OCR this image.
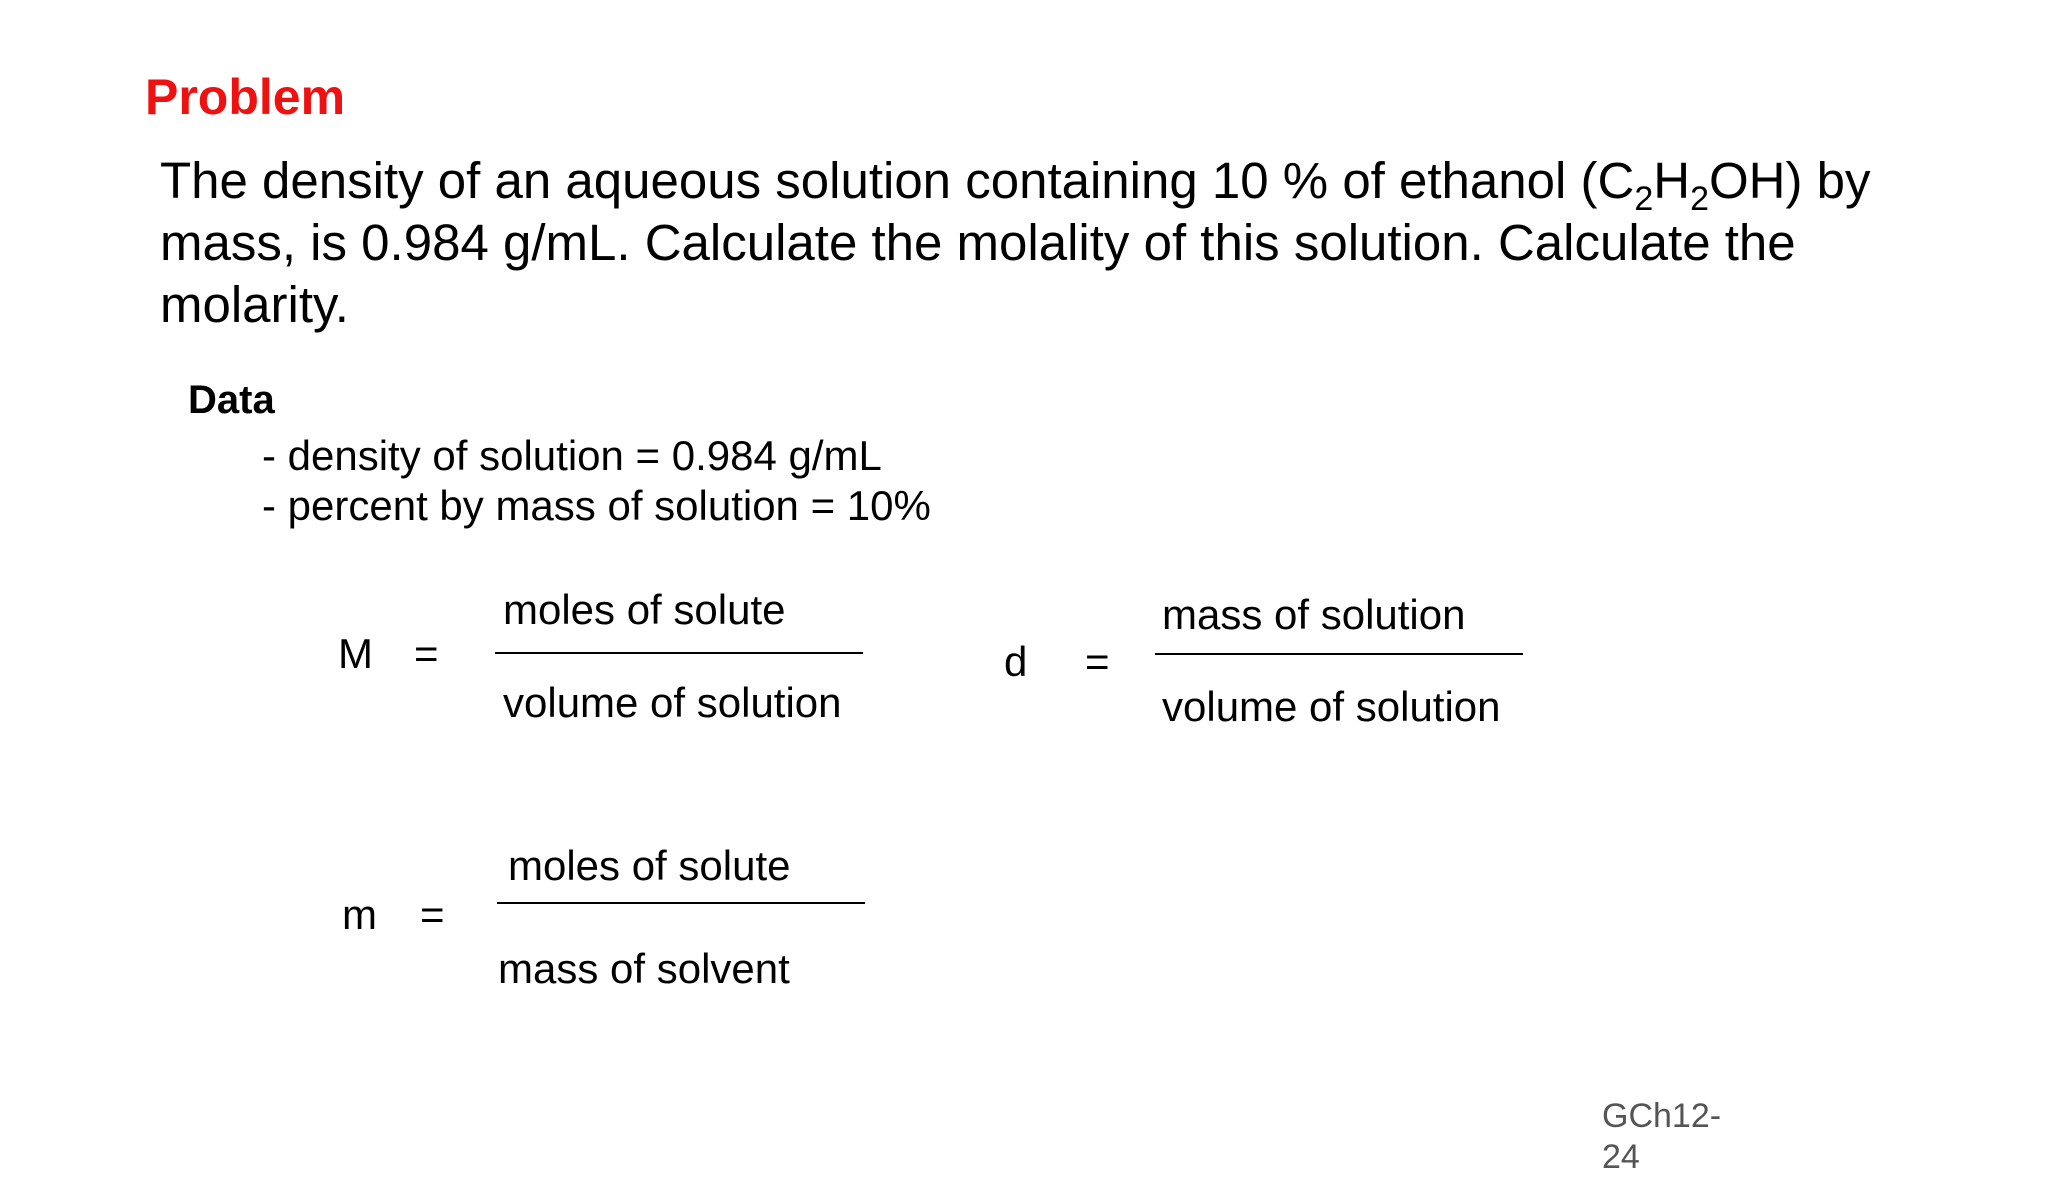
Problem
The density of an aqueous solution containing 10 % of ethanol $(C_2H_2OH)$ by
mass, is 0.984 g/mL. Calculate the molality of this solution. Calculate the
molarity.
Data
- density of solution = 0.984 g/mL
- percent by mass of solution = 10%
M =
moles of solute
volume of solution
d =
mass of solution
volume of solution
m =
moles of solute
mass of solvent
GCh12-24
